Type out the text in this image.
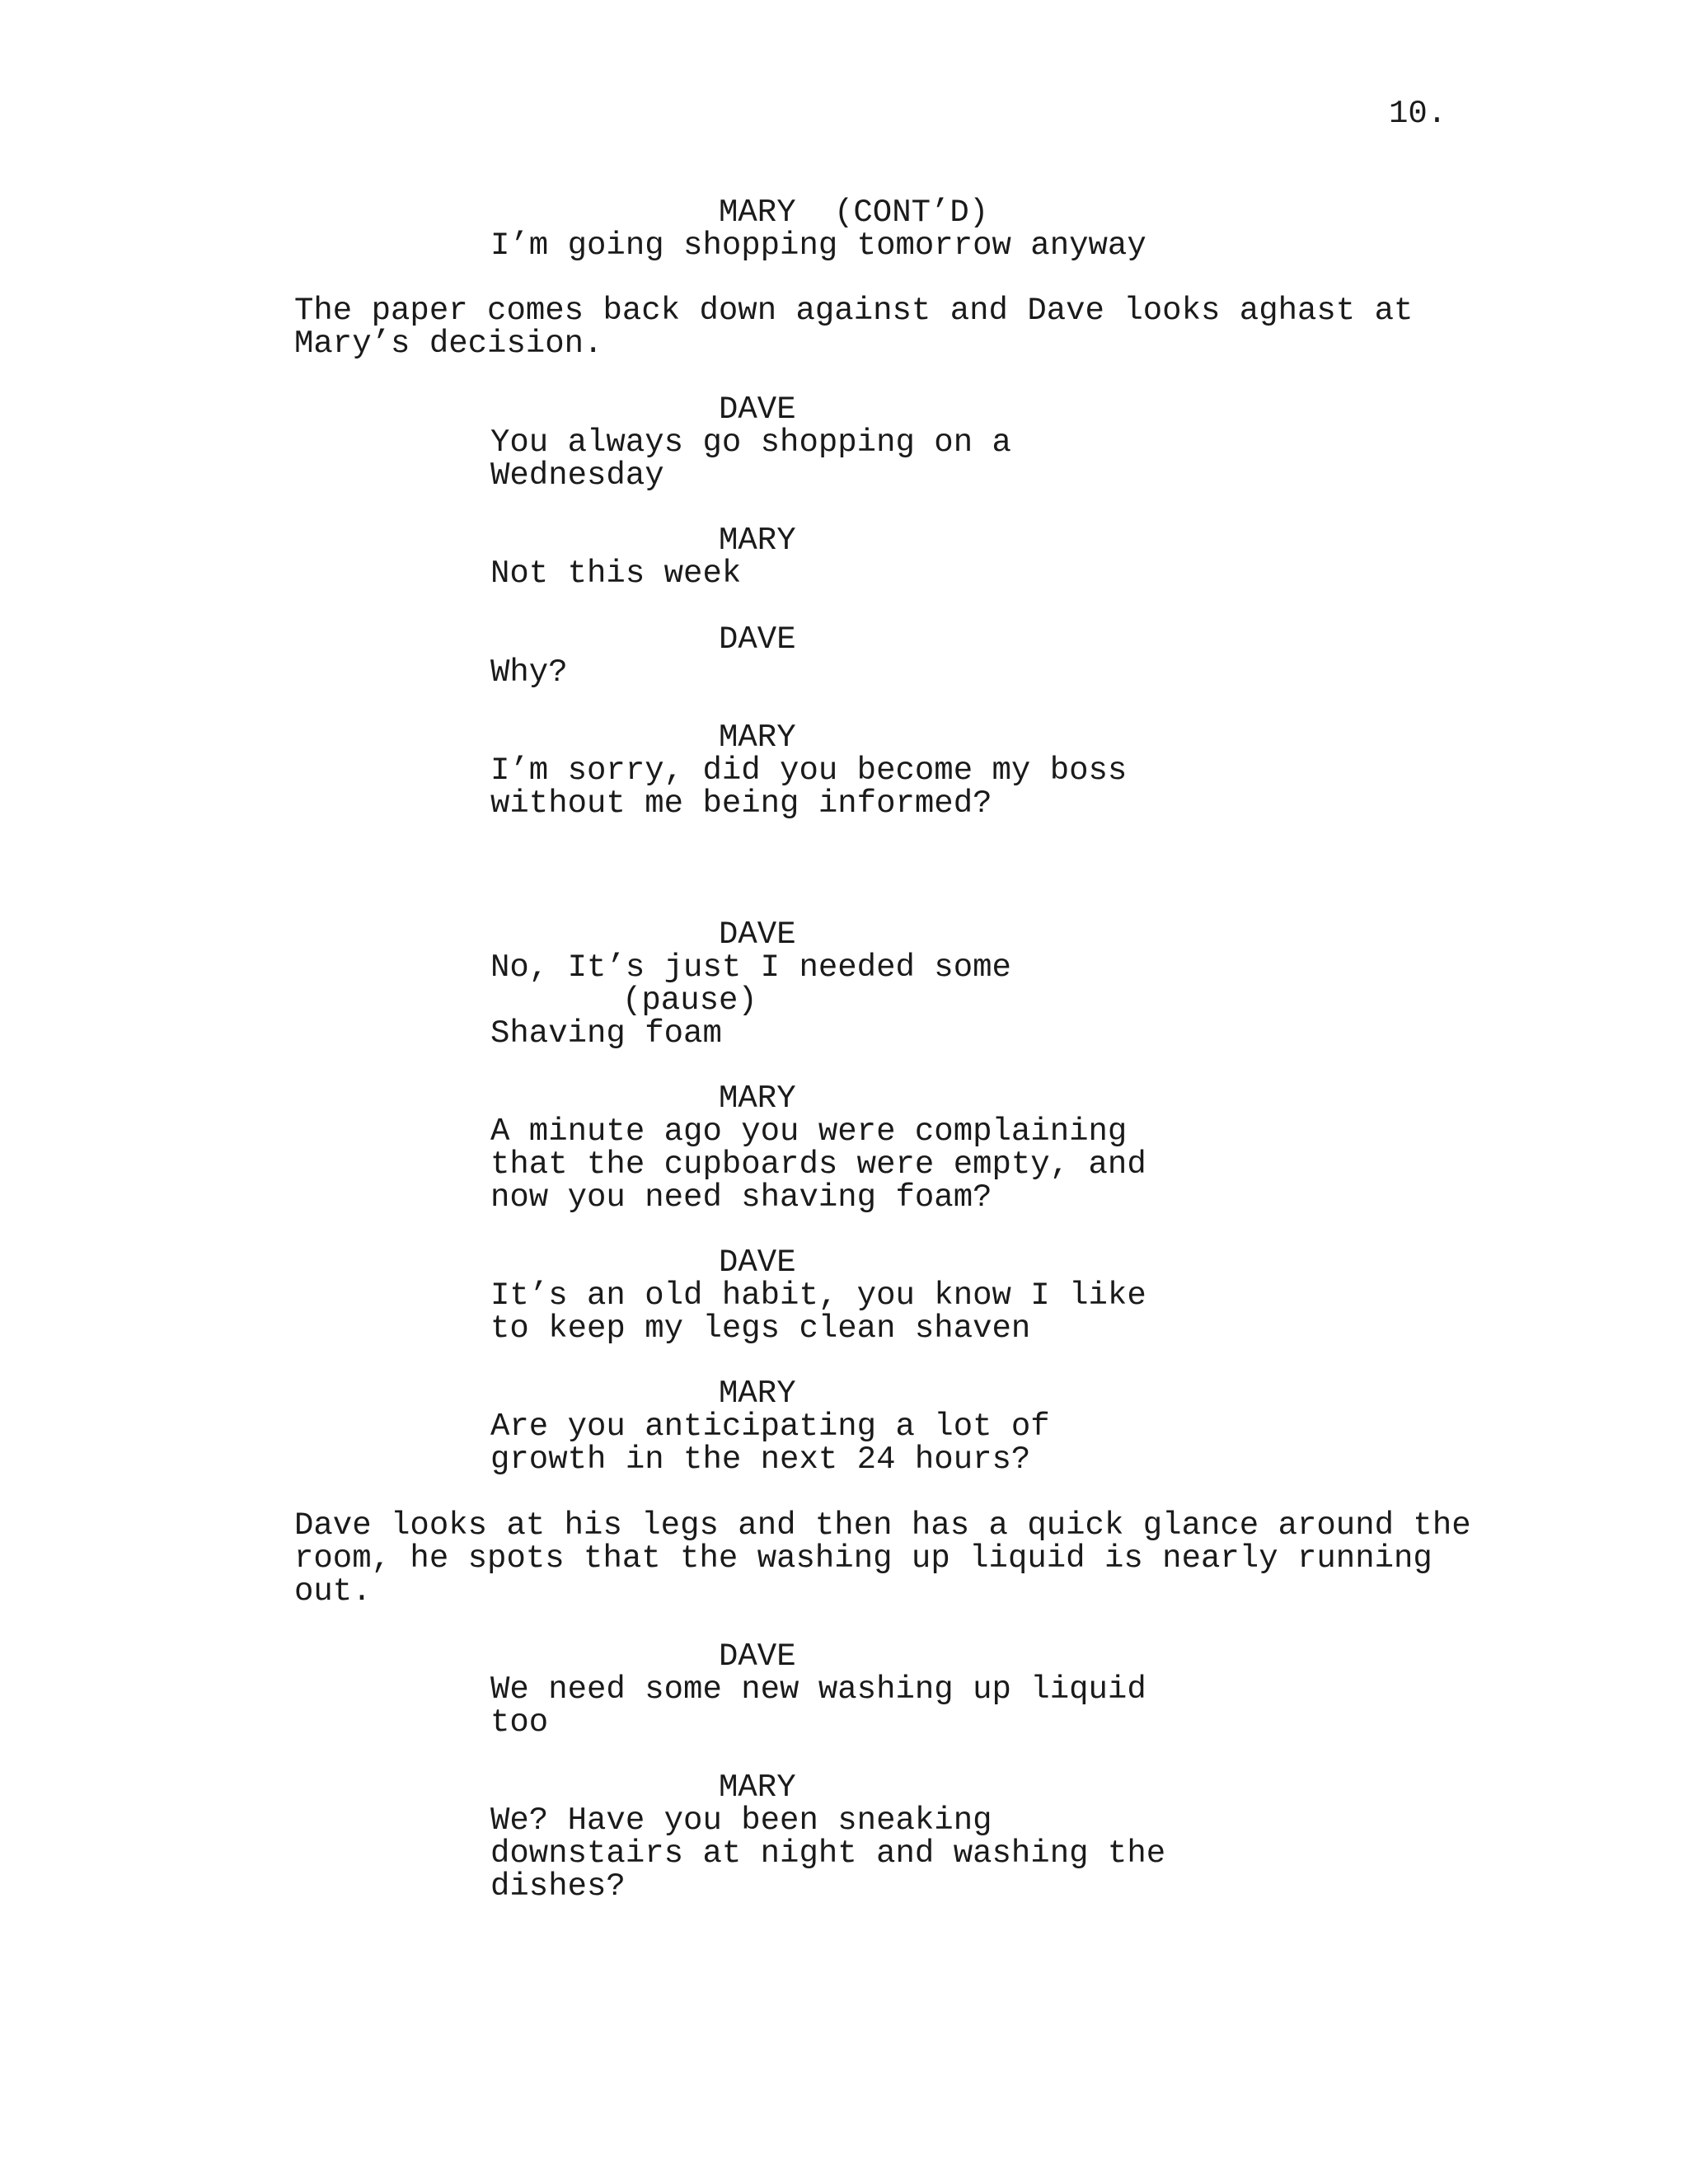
10.
MARY (CONT’D)
I’m going shopping tomorrow anyway
The paper comes back down against and Dave looks aghast at
Mary’s decision.
DAVE
You always go shopping on a
Wednesday
MARY
Not this week
DAVE
Why?
MARY
I’m sorry, did you become my boss
without me being informed?
DAVE
No, It’s just I needed some
(pause)
Shaving foam
MARY
A minute ago you were complaining
that the cupboards were empty, and
now you need shaving foam?
DAVE
It’s an old habit, you know I like
to keep my legs clean shaven
MARY
Are you anticipating a lot of
growth in the next 24 hours?
Dave looks at his legs and then has a quick glance around the
room, he spots that the washing up liquid is nearly running
out.
DAVE
We need some new washing up liquid
too
MARY
We? Have you been sneaking
downstairs at night and washing the
dishes?
